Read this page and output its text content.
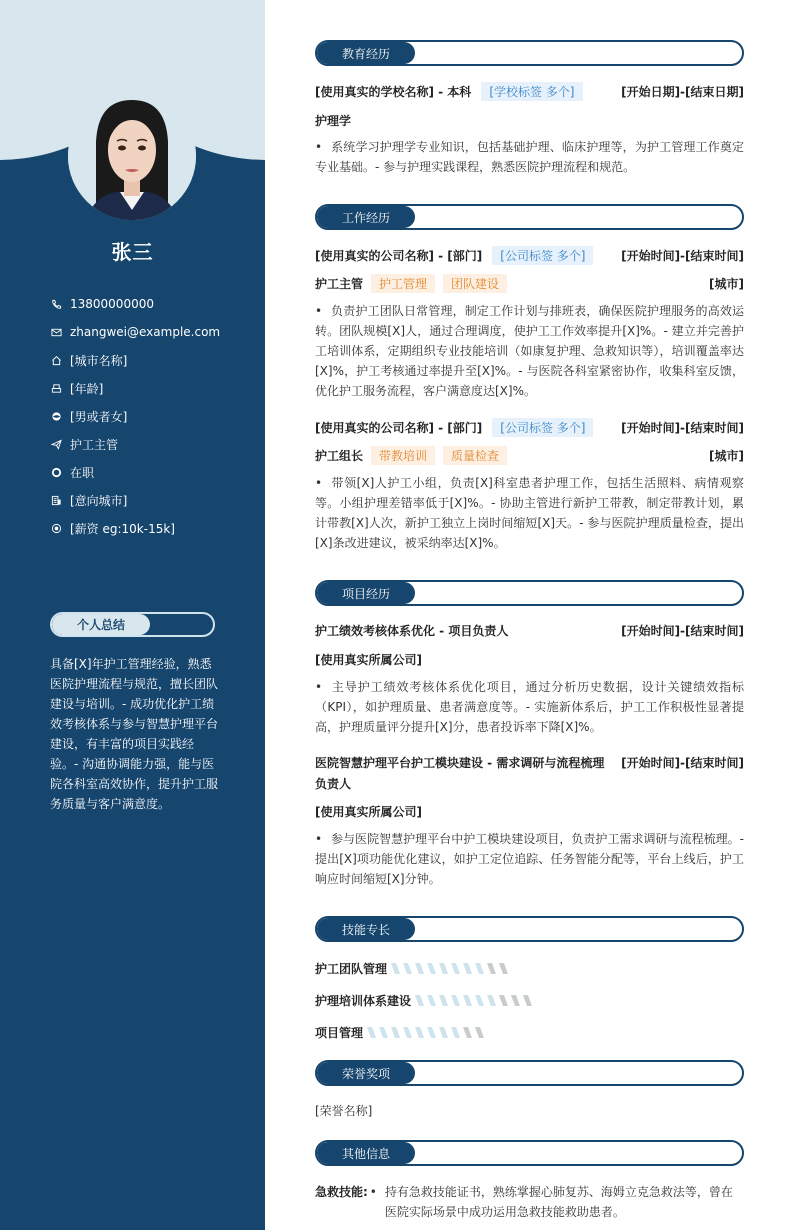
张三
13800000000
zhangwei@example.com
[城市名称]
[年龄]
[男或者女]
护工主管
在职
[意向城市]
[薪资 eg:10k-15k]
个人总结
具备[X]年护工管理经验，熟悉医院护理流程与规范，擅长团队建设与培训。- 成功优化护工绩效考核体系与参与智慧护理平台建设，有丰富的项目实践经验。- 沟通协调能力强，能与医院各科室高效协作，提升护工服务质量与客户满意度。
教育经历
[使用真实的学校名称] - 本科	[学校标签 多个]	[开始日期]-[结束日期]
护理学
• 系统学习护理学专业知识，包括基础护理、临床护理等，为护工管理工作奠定专业基础。- 参与护理实践课程，熟悉医院护理流程和规范。
工作经历
[使用真实的公司名称] - [部门]	[公司标签 多个]	[开始时间]-[结束时间]
护工主管	护工管理	团队建设	[城市]
• 负责护工团队日常管理，制定工作计划与排班表，确保医院护理服务的高效运转。团队规模[X]人，通过合理调度，使护工工作效率提升[X]%。- 建立并完善护工培训体系，定期组织专业技能培训（如康复护理、急救知识等），培训覆盖率达[X]%，护工考核通过率提升至[X]%。- 与医院各科室紧密协作，收集科室反馈，优化护工服务流程，客户满意度达[X]%。
[使用真实的公司名称] - [部门]	[公司标签 多个]	[开始时间]-[结束时间]
护工组长	带教培训	质量检查	[城市]
• 带领[X]人护工小组，负责[X]科室患者护理工作，包括生活照料、病情观察等。小组护理差错率低于[X]%。- 协助主管进行新护工带教，制定带教计划，累计带教[X]人次，新护工独立上岗时间缩短[X]天。- 参与医院护理质量检查，提出[X]条改进建议，被采纳率达[X]%。
项目经历
护工绩效考核体系优化 - 项目负责人	[开始时间]-[结束时间]
[使用真实所属公司]
• 主导护工绩效考核体系优化项目，通过分析历史数据，设计关键绩效指标（KPI），如护理质量、患者满意度等。- 实施新体系后，护工工作积极性显著提高，护理质量评分提升[X]分，患者投诉率下降[X]%。
医院智慧护理平台护工模块建设 - 需求调研与流程梳理 [开始时间]-[结束时间]
负责人
[使用真实所属公司]
• 参与医院智慧护理平台中护工模块建设项目，负责护工需求调研与流程梳理。- 提出[X]项功能优化建议，如护工定位追踪、任务智能分配等，平台上线后，护工响应时间缩短[X]分钟。
技能专长
护工团队管理
护理培训体系建设
项目管理
荣誉奖项
[荣誉名称]
其他信息
急救技能: • 持有急救技能证书，熟练掌握心肺复苏、海姆立克急救法等，曾在医院实际场景中成功运用急救技能救助患者。
